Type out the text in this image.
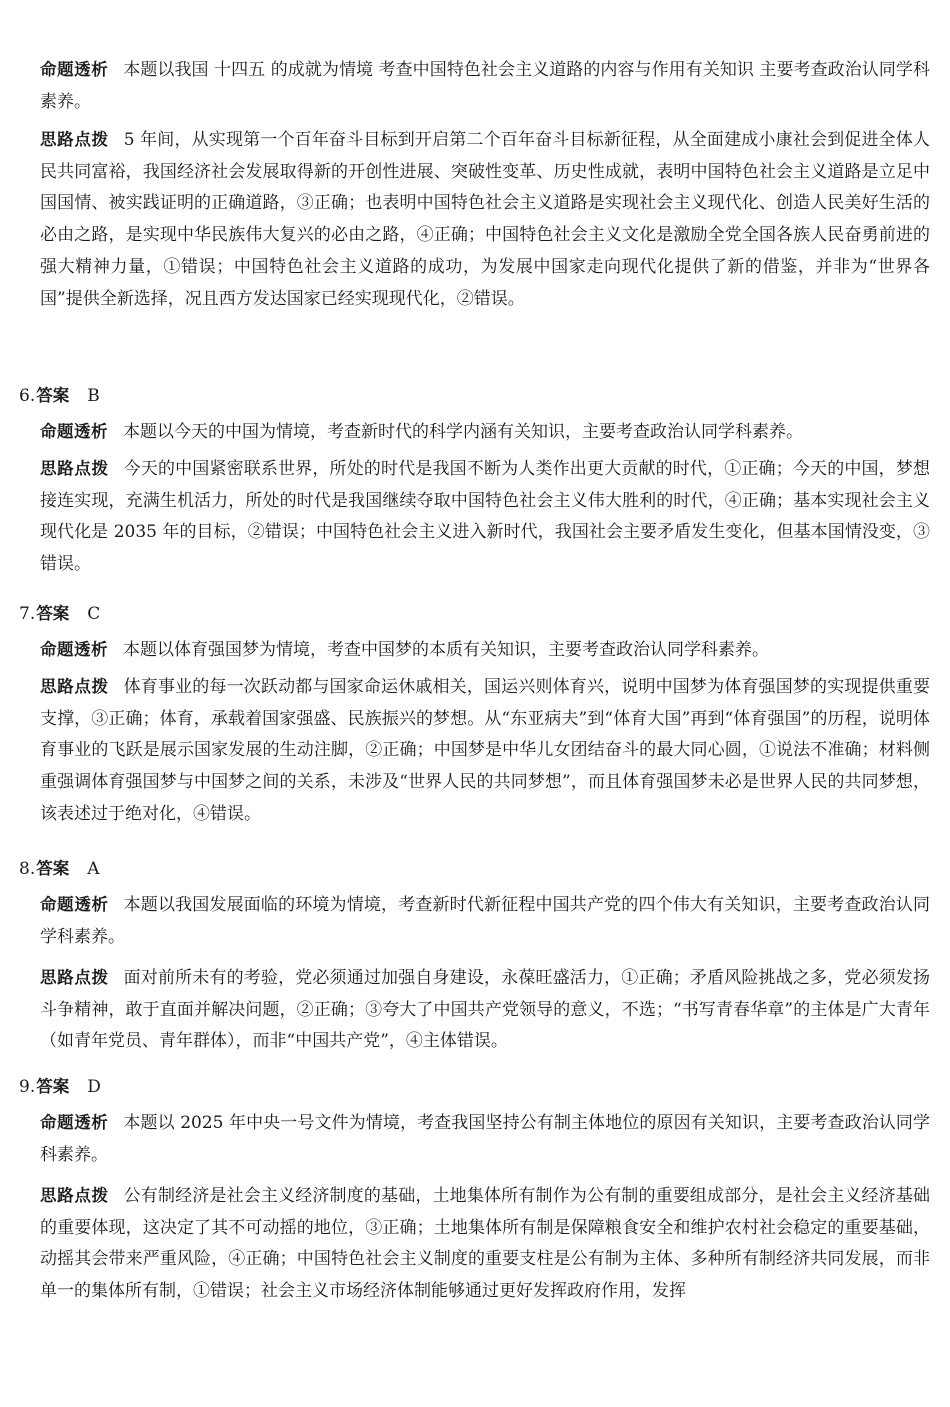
命题透析 本题以我国 十四五 的成就为情境 考查中国特色社会主义道路的内容与作用有关知识 主要考查政治认同学科素养。

思路点拨 5 年间，从实现第一个百年奋斗目标到开启第二个百年奋斗目标新征程，从全面建成小康社会到促进全体人民共同富裕，我国经济社会发展取得新的开创性进展、突破性变革、历史性成就，表明中国特色社会主义道路是立足中国国情、被实践证明的正确道路，③正确；也表明中国特色社会主义道路是实现社会主义现代化、创造人民美好生活的必由之路，是实现中华民族伟大复兴的必由之路，④正确；中国特色社会主义文化是激励全党全国各族人民奋勇前进的强大精神力量，①错误；中国特色社会主义道路的成功，为发展中国家走向现代化提供了新的借鉴，并非为“世界各国”提供全新选择，况且西方发达国家已经实现现代化，②错误。

6.答案 B

命题透析 本题以今天的中国为情境，考查新时代的科学内涵有关知识，主要考查政治认同学科素养。

思路点拨 今天的中国紧密联系世界，所处的时代是我国不断为人类作出更大贡献的时代，①正确；今天的中国，梦想接连实现，充满生机活力，所处的时代是我国继续夺取中国特色社会主义伟大胜利的时代，④正确；基本实现社会主义现代化是 2035 年的目标，②错误；中国特色社会主义进入新时代，我国社会主要矛盾发生变化，但基本国情没变，③错误。

7.答案 C

命题透析 本题以体育强国梦为情境，考查中国梦的本质有关知识，主要考查政治认同学科素养。

思路点拨 体育事业的每一次跃动都与国家命运休戚相关，国运兴则体育兴，说明中国梦为体育强国梦的实现提供重要支撑，③正确；体育，承载着国家强盛、民族振兴的梦想。从“东亚病夫”到“体育大国”再到“体育强国”的历程，说明体育事业的飞跃是展示国家发展的生动注脚，②正确；中国梦是中华儿女团结奋斗的最大同心圆，①说法不准确；材料侧重强调体育强国梦与中国梦之间的关系，未涉及“世界人民的共同梦想”，而且体育强国梦未必是世界人民的共同梦想，该表述过于绝对化，④错误。

8.答案 A

命题透析 本题以我国发展面临的环境为情境，考查新时代新征程中国共产党的四个伟大有关知识，主要考查政治认同学科素养。

思路点拨 面对前所未有的考验，党必须通过加强自身建设，永葆旺盛活力，①正确；矛盾风险挑战之多，党必须发扬斗争精神，敢于直面并解决问题，②正确；③夸大了中国共产党领导的意义，不选；“书写青春华章”的主体是广大青年（如青年党员、青年群体），而非“中国共产党”，④主体错误。

9.答案 D

命题透析 本题以 2025 年中央一号文件为情境，考查我国坚持公有制主体地位的原因有关知识，主要考查政治认同学科素养。

思路点拨 公有制经济是社会主义经济制度的基础，土地集体所有制作为公有制的重要组成部分，是社会主义经济基础的重要体现，这决定了其不可动摇的地位，③正确；土地集体所有制是保障粮食安全和维护农村社会稳定的重要基础，动摇其会带来严重风险，④正确；中国特色社会主义制度的重要支柱是公有制为主体、多种所有制经济共同发展，而非单一的集体所有制，①错误；社会主义市场经济体制能够通过更好发挥政府作用，发挥
